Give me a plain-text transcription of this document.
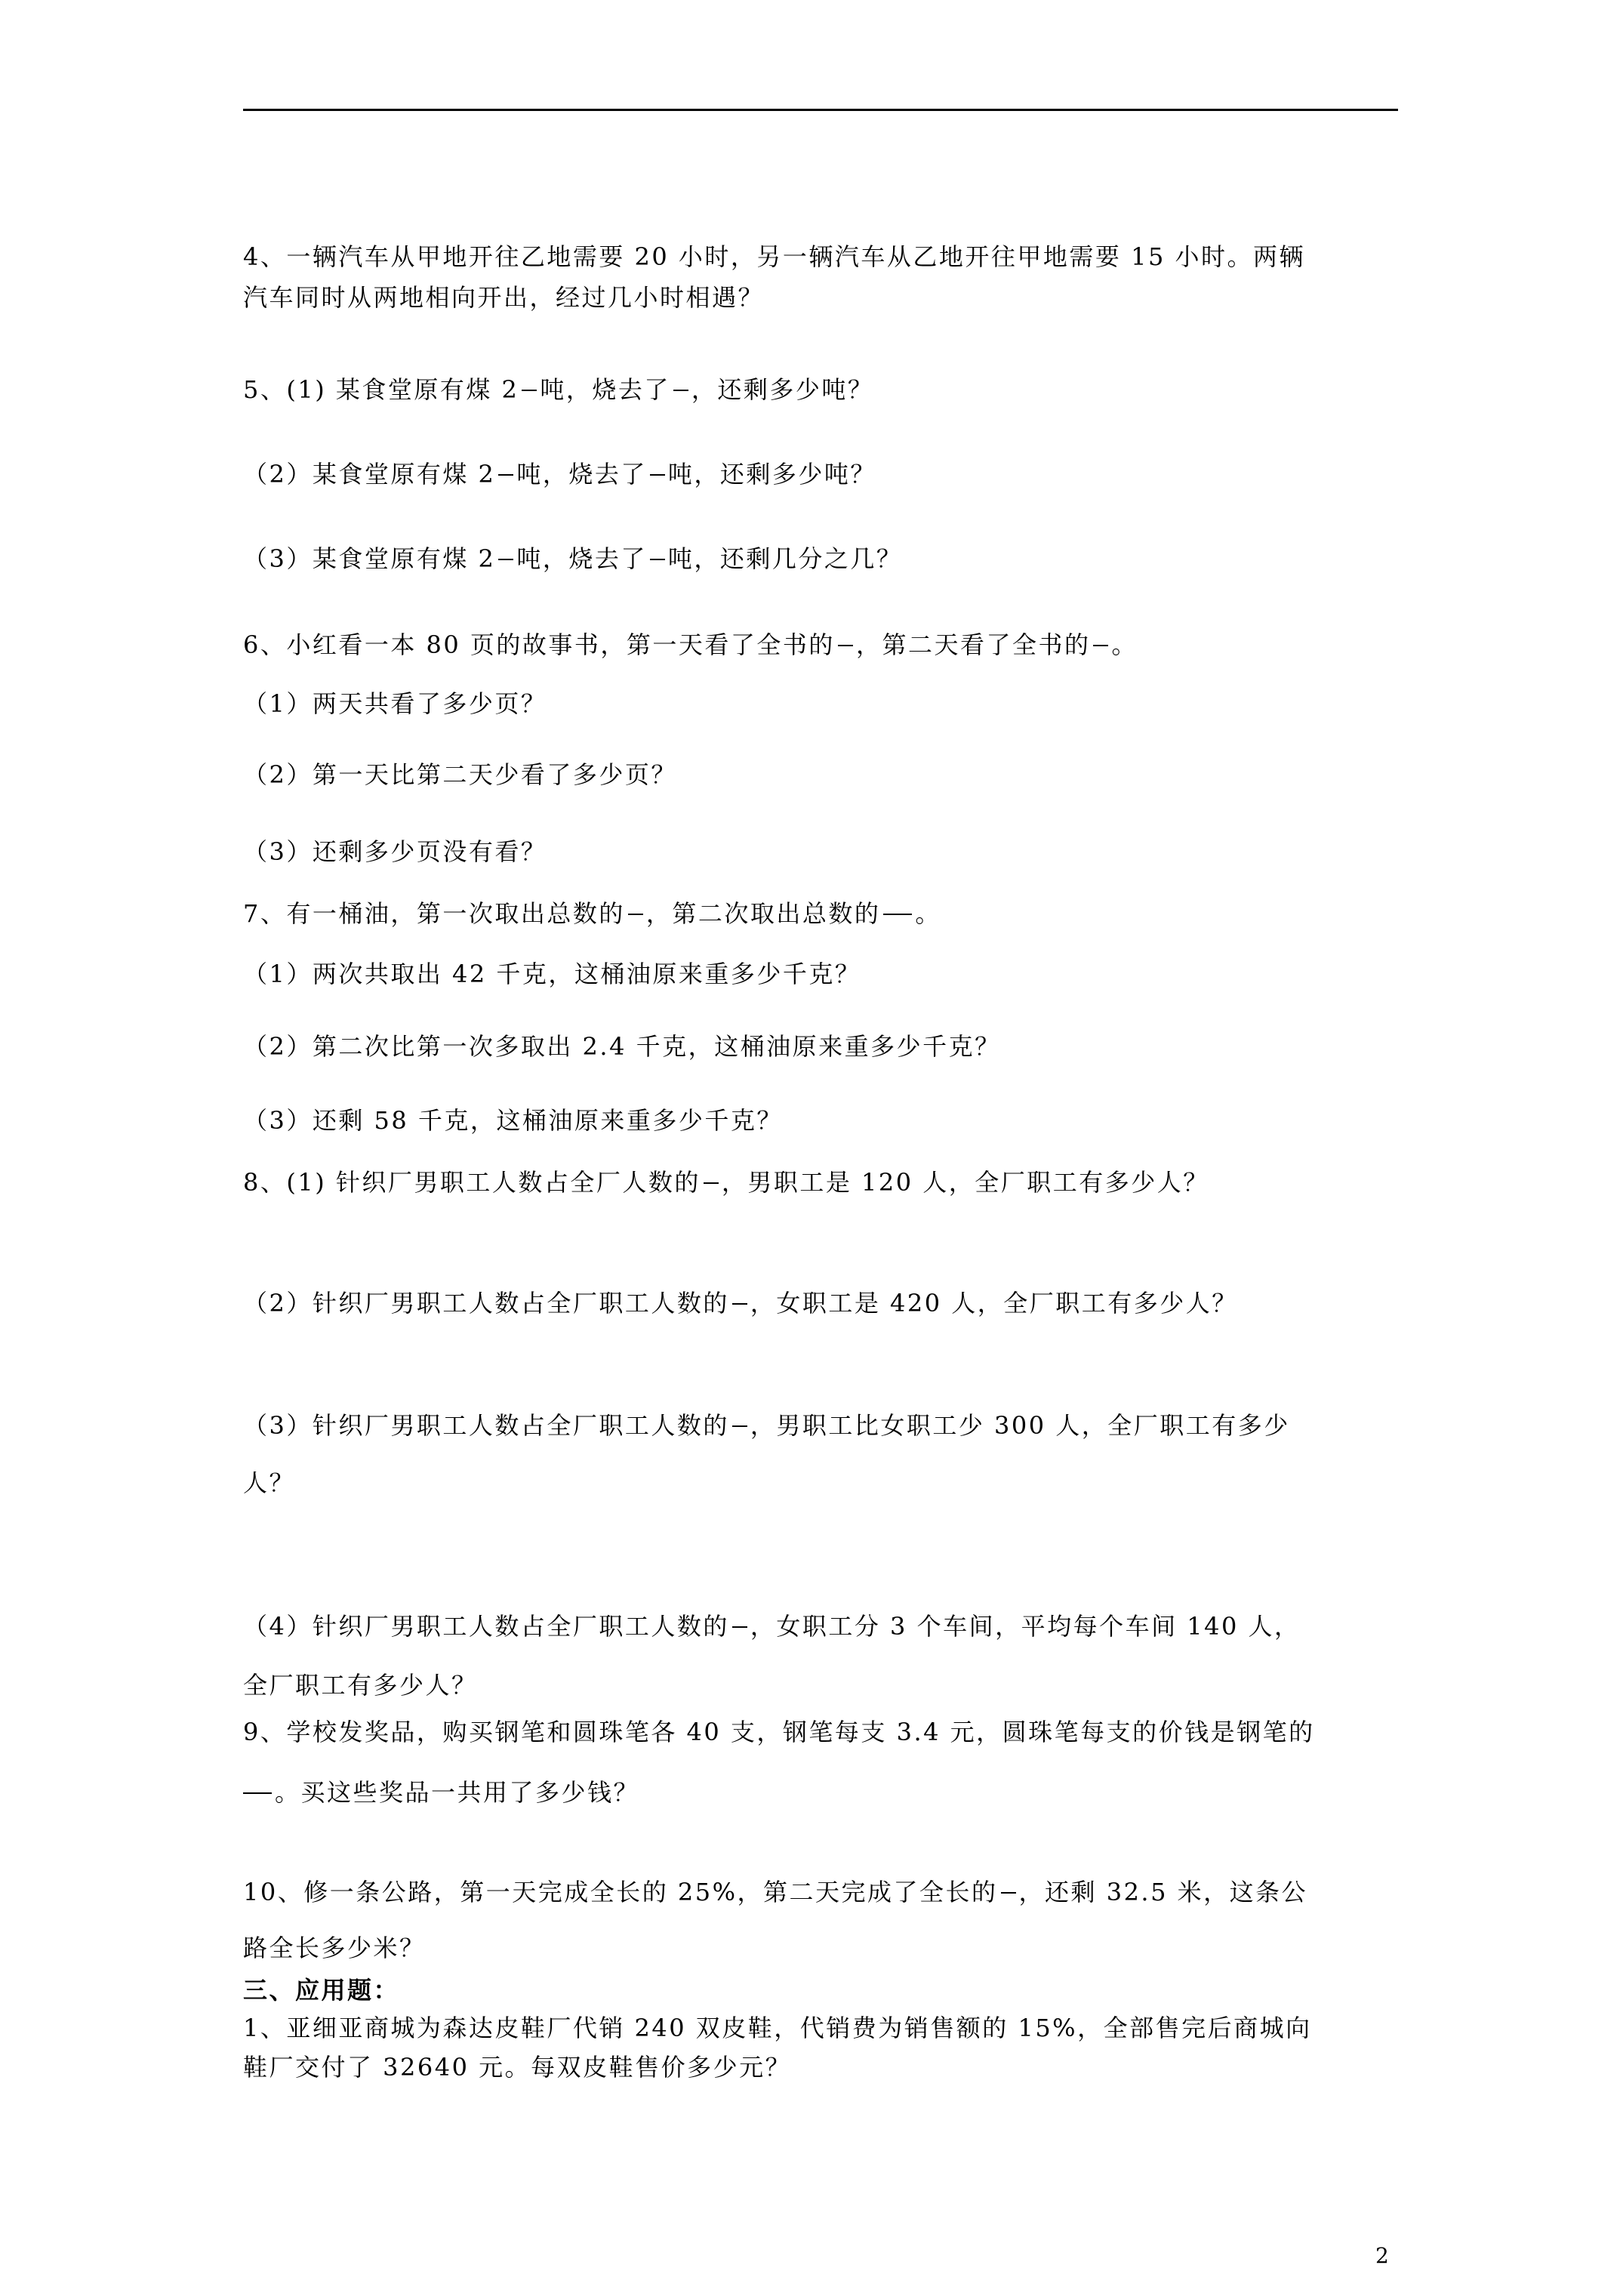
4、一辆汽车从甲地开往乙地需要 20 小时，另一辆汽车从乙地开往甲地需要 15 小时。两辆
汽车同时从两地相向开出，经过几小时相遇？
5、(1) 某食堂原有煤 2 吨，烧去了 ，还剩多少吨？
（2）某食堂原有煤 2 吨，烧去了 吨，还剩多少吨？
（3）某食堂原有煤 2 吨，烧去了 吨，还剩几分之几？
6、小红看一本 80 页的故事书，第一天看了全书的 ，第二天看了全书的 。
（1）两天共看了多少页？
（2）第一天比第二天少看了多少页？
（3）还剩多少页没有看？
7、有一桶油，第一次取出总数的 ，第二次取出总数的 。
（1）两次共取出 42 千克，这桶油原来重多少千克？
（2）第二次比第一次多取出 2.4 千克，这桶油原来重多少千克？
（3）还剩 58 千克，这桶油原来重多少千克？
8、(1) 针织厂男职工人数占全厂人数的 ，男职工是 120 人，全厂职工有多少人？
（2）针织厂男职工人数占全厂职工人数的 ，女职工是 420 人，全厂职工有多少人？
（3）针织厂男职工人数占全厂职工人数的 ，男职工比女职工少 300 人，全厂职工有多少
人？
（4）针织厂男职工人数占全厂职工人数的 ，女职工分 3 个车间，平均每个车间 140 人，
全厂职工有多少人？
9、学校发奖品，购买钢笔和圆珠笔各 40 支，钢笔每支 3.4 元，圆珠笔每支的价钱是钢笔的
。买这些奖品一共用了多少钱？
10、修一条公路，第一天完成全长的 25%，第二天完成了全长的 ，还剩 32.5 米，这条公
路全长多少米？
三、应用题：
1、亚细亚商城为森达皮鞋厂代销 240 双皮鞋，代销费为销售额的 15%，全部售完后商城向
鞋厂交付了 32640 元。每双皮鞋售价多少元？
2
